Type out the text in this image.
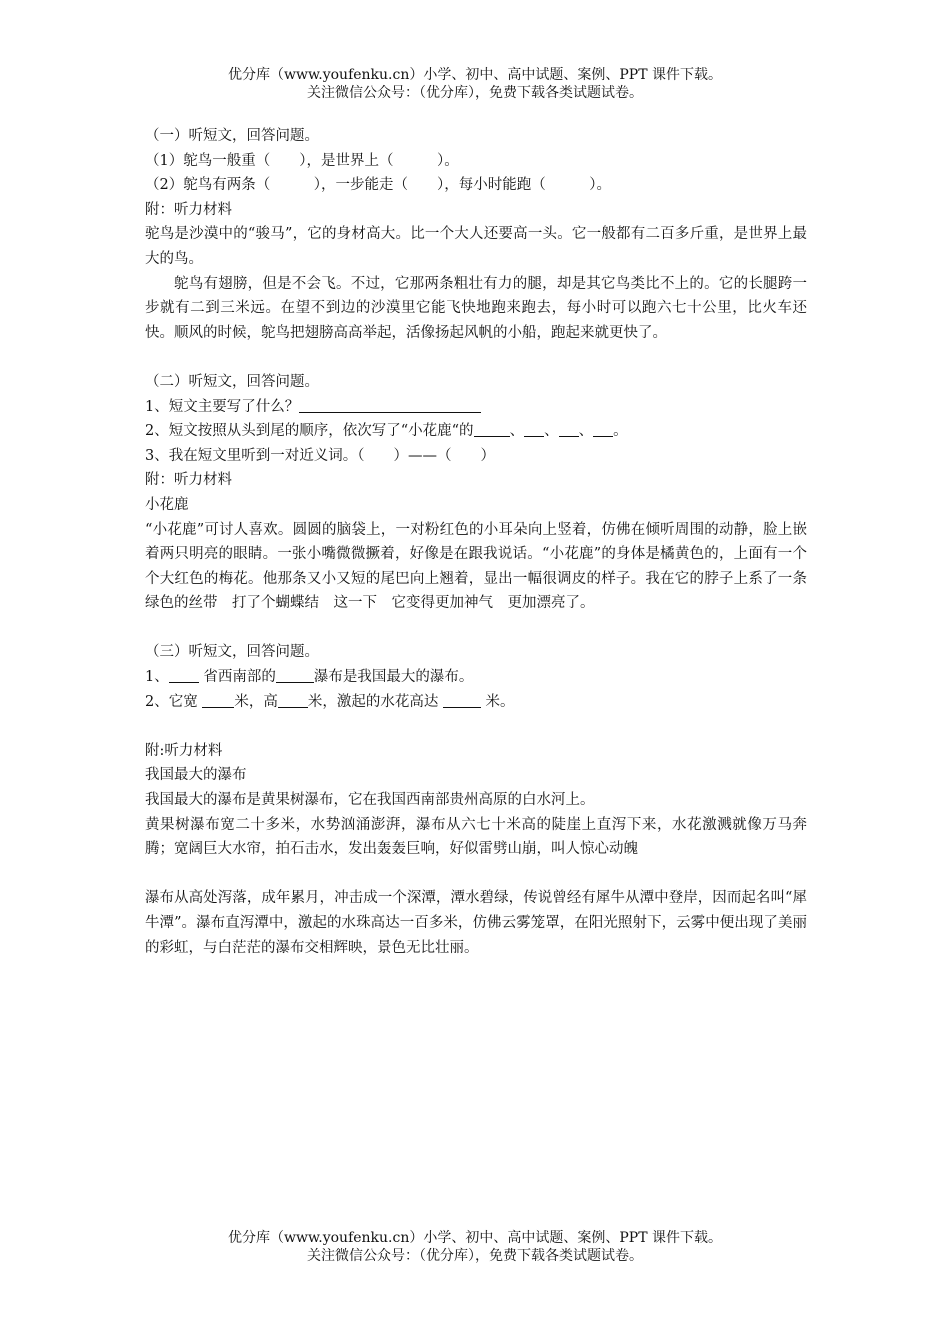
优分库（www.youfenku.cn）小学、初中、高中试题、案例、PPT 课件下载。
关注微信公众号：（优分库），免费下载各类试题试卷。

（一）听短文，回答问题。

（1）鸵鸟一般重（　　），是世界上（　　　）。

（2）鸵鸟有两条（　　　），一步能走（　　），每小时能跑（　　　）。

附：听力材料

驼鸟是沙漠中的“骏马”，它的身材高大。比一个大人还要高一头。它一般都有二百多斤重，是世界上最大的鸟。

鸵鸟有翅膀，但是不会飞。不过，它那两条粗壮有力的腿，却是其它鸟类比不上的。它的长腿跨一步就有二到三米远。在望不到边的沙漠里它能飞快地跑来跑去，每小时可以跑六七十公里，比火车还快。顺风的时候，鸵鸟把翅膀高高举起，活像扬起风帆的小船，跑起来就更快了。

（二）听短文，回答问题。

1、短文主要写了什么？

2、短文按照从头到尾的顺序，依次写了“小花鹿“的 、 、 、 。

3、我在短文里听到一对近义词。（　　）——（　　）

附：听力材料

小花鹿

“小花鹿”可讨人喜欢。圆圆的脑袋上，一对粉红色的小耳朵向上竖着，仿佛在倾听周围的动静，脸上嵌着两只明亮的眼睛。一张小嘴微微撅着，好像是在跟我说话。“小花鹿”的身体是橘黄色的，上面有一个个大红色的梅花。他那条又小又短的尾巴向上翘着，显出一幅很调皮的样子。我在它的脖子上系了一条绿色的丝带　打了个蝴蝶结　这一下　它变得更加神气　更加漂亮了。

（三）听短文，回答问题。

1、 省西南部的	瀑布是我国最大的瀑布。

2、它宽 米，高 米，激起的水花高达	米。

附:听力材料

我国最大的瀑布

我国最大的瀑布是黄果树瀑布，它在我国西南部贵州高原的白水河上。

黄果树瀑布宽二十多米，水势汹涌澎湃，瀑布从六七十米高的陡崖上直泻下来，水花激溅就像万马奔腾；宽阔巨大水帘，拍石击水，发出轰轰巨响，好似雷劈山崩，叫人惊心动魄

瀑布从高处泻落，成年累月，冲击成一个深潭，潭水碧绿，传说曾经有犀牛从潭中登岸，因而起名叫“犀牛潭”。瀑布直泻潭中，激起的水珠高达一百多米，仿佛云雾笼罩，在阳光照射下，云雾中便出现了美丽的彩虹，与白茫茫的瀑布交相辉映，景色无比壮丽。

优分库（www.youfenku.cn）小学、初中、高中试题、案例、PPT 课件下载。
关注微信公众号：（优分库），免费下载各类试题试卷。
